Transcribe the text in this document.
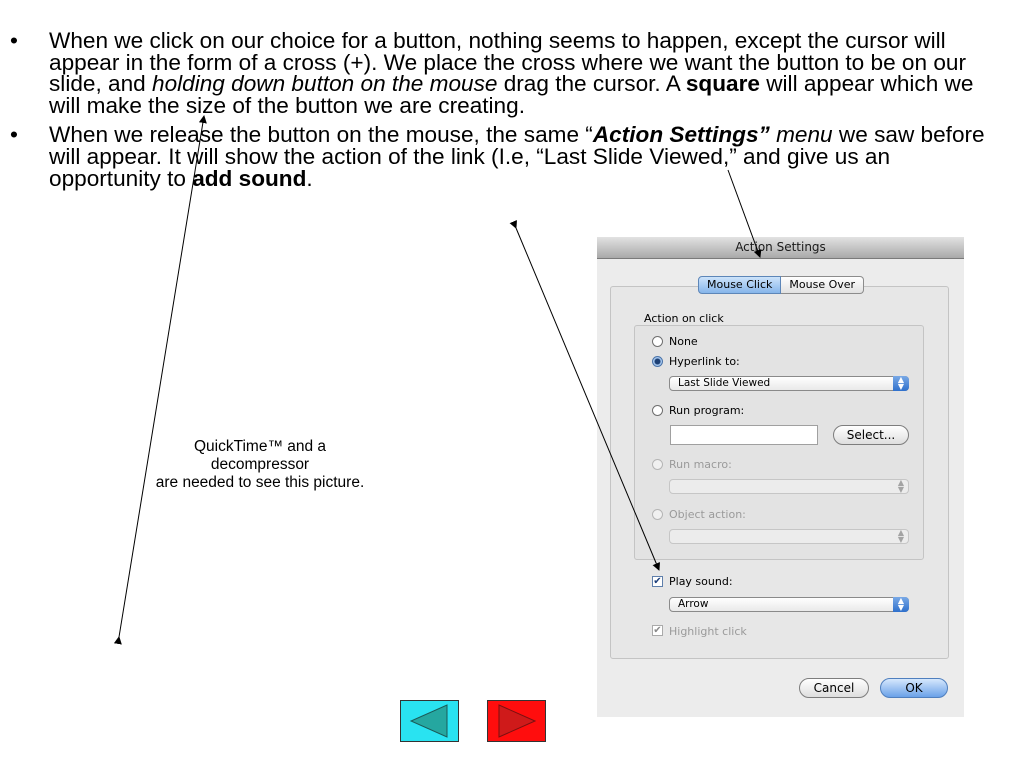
• When we click on our choice for a button, nothing seems to happen, except the cursor will appear in the form of a cross (+). We place the cross where we want the button to be on our slide, and holding down button on the mouse drag the cursor. A square will appear which we will make the size of the button we are creating.
• When we release the button on the mouse, the same “Action Settings” menu we saw before will appear. It will show the action of the link (I.e, “Last Slide Viewed,” and give us an opportunity to add sound.
QuickTime™ and a
decompressor
are needed to see this picture.
Action Settings
Mouse Click	Mouse Over
Action on click
None
Hyperlink to:
Last Slide Viewed	▲
▼
Run program:
Select...
Run macro:
▲
▼
Object action:
▲
▼
✔ Play sound:
Arrow	▲
▼
✔ Highlight click
Cancel	OK
